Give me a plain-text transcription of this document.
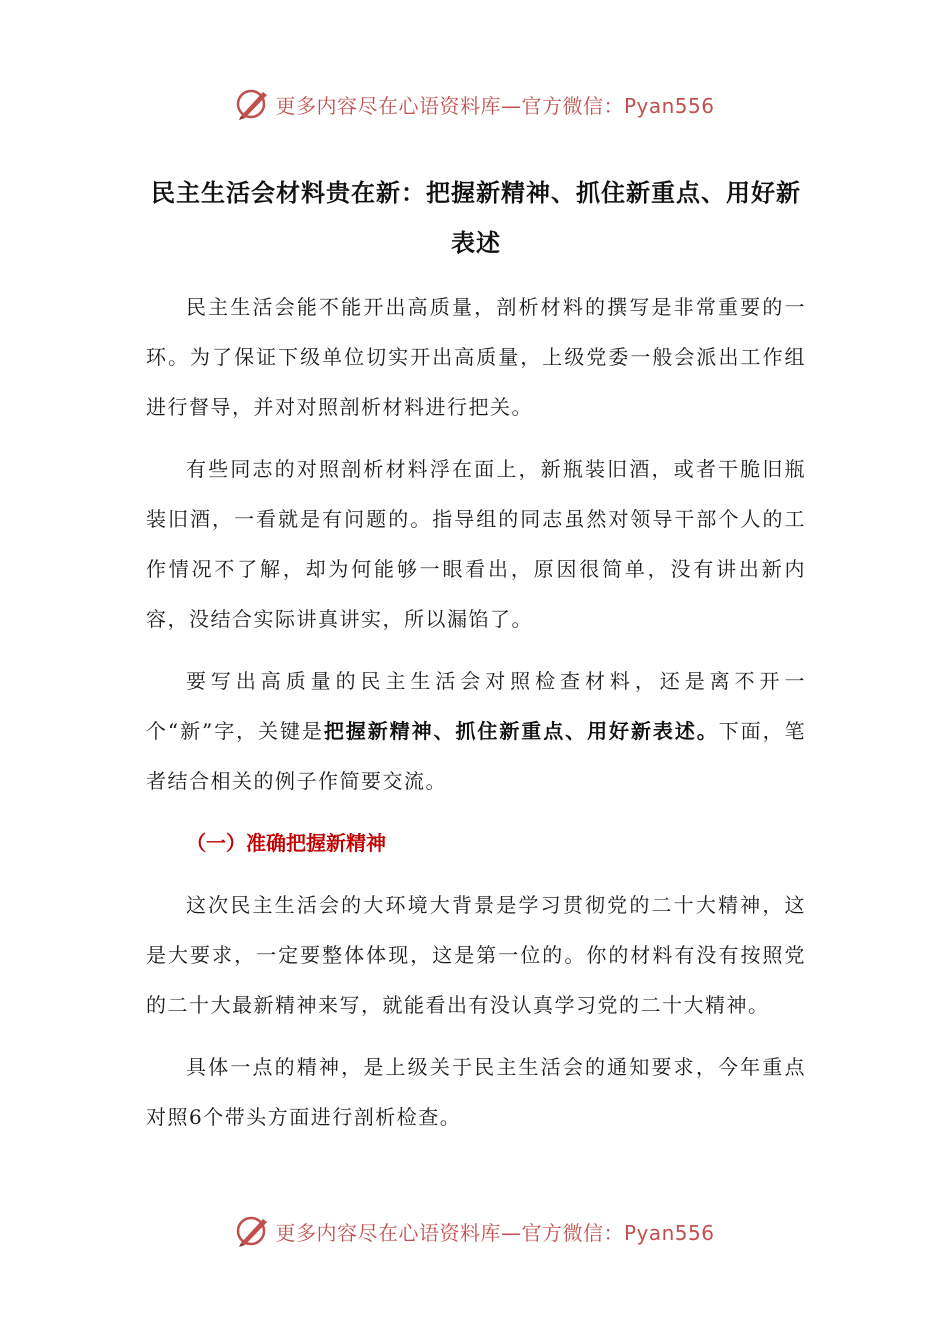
更多内容尽在心语资料库—官方微信：Pyan556
民主生活会材料贵在新：把握新精神、抓住新重点、用好新表述

民主生活会能不能开出高质量，剖析材料的撰写是非常重要的一环。为了保证下级单位切实开出高质量，上级党委一般会派出工作组进行督导，并对对照剖析材料进行把关。

有些同志的对照剖析材料浮在面上，新瓶装旧酒，或者干脆旧瓶装旧酒，一看就是有问题的。指导组的同志虽然对领导干部个人的工作情况不了解，却为何能够一眼看出，原因很简单，没有讲出新内容，没结合实际讲真讲实，所以漏馅了。

要写出高质量的民主生活会对照检查材料，还是离不开一个“新”字，关键是把握新精神、抓住新重点、用好新表述。下面，笔者结合相关的例子作简要交流。

（一）准确把握新精神

这次民主生活会的大环境大背景是学习贯彻党的二十大精神，这是大要求，一定要整体体现，这是第一位的。你的材料有没有按照党的二十大最新精神来写，就能看出有没认真学习党的二十大精神。

具体一点的精神，是上级关于民主生活会的通知要求，今年重点对照6个带头方面进行剖析检查。

更多内容尽在心语资料库—官方微信：Pyan556
